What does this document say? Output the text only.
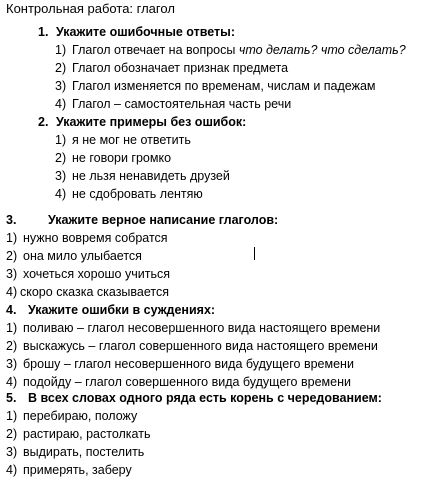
Контрольная работа: глагол
1. Укажите ошибочные ответы:
1) Глагол отвечает на вопросы что делать? что сделать?
2) Глагол обозначает признак предмета
3) Глагол изменяется по временам, числам и падежам
4) Глагол – самостоятельная часть речи
2. Укажите примеры без ошибок:
1) я не мог не ответить
2) не говори громко
3) не льзя ненавидеть друзей
4) не сдобровать лентяю
3.	Укажите верное написание глаголов:
1) нужно вовремя собратся
2) она мило улыбается
3) хочеться хорошо учиться
4) скоро сказка сказывается
4. Укажите ошибки в суждениях:
1) поливаю – глагол несовершенного вида настоящего времени
2) выскажусь – глагол совершенного вида настоящего времени
3) брошу – глагол несовершенного вида будущего времени
4) подойду – глагол совершенного вида будущего времени
5. В всех словах одного ряда есть корень с чередованием:
1) перебираю, положу
2) растираю, растолкать
3) выдирать, постелить
4) примерять, заберу
